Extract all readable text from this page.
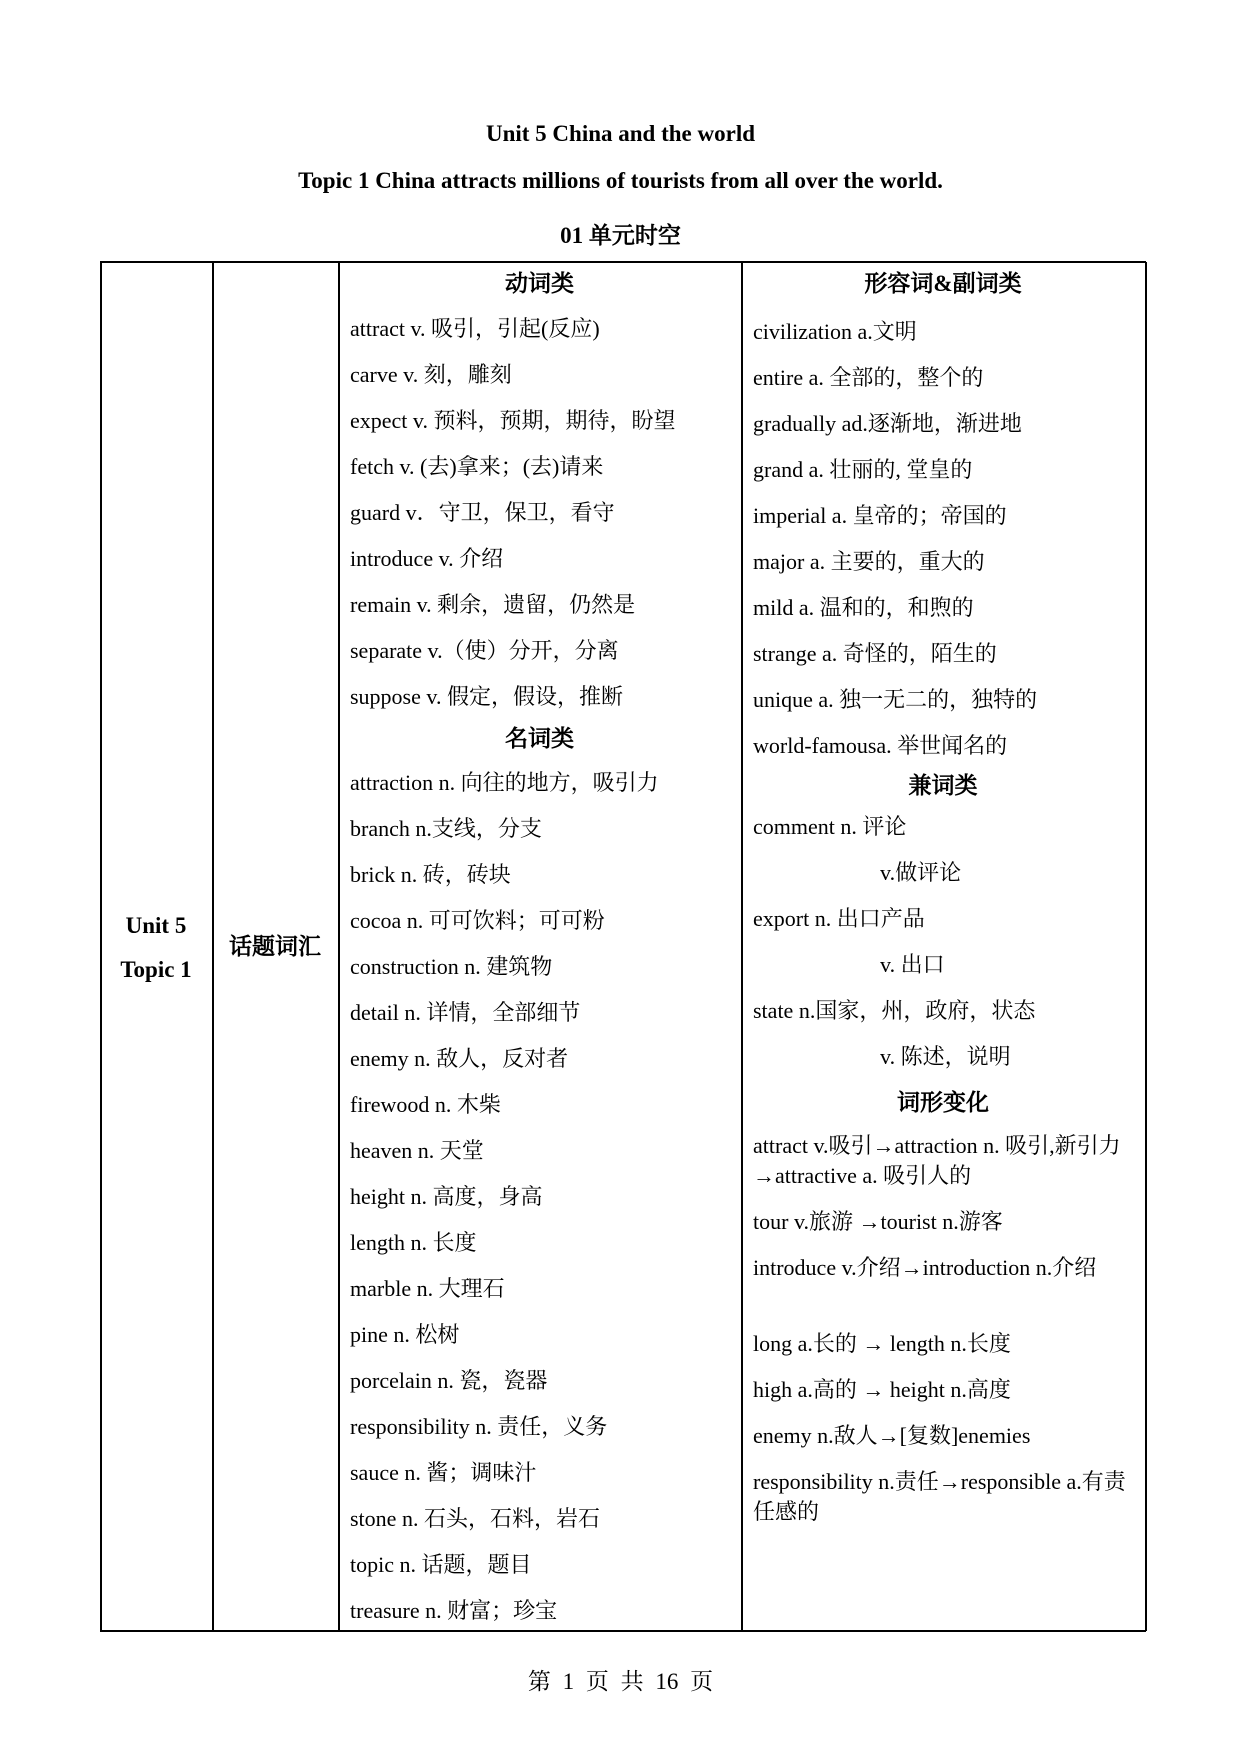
Unit 5 China and the world
Topic 1 China attracts millions of tourists from all over the world.
01 单元时空
Unit 5
Topic 1
话题词汇
动词类
attract v. 吸引，引起(反应)
carve v. 刻，雕刻
expect v. 预料，预期，期待，盼望
fetch v. (去)拿来；(去)请来
guard v．守卫，保卫，看守
introduce v. 介绍
remain v. 剩余，遗留，仍然是
separate v.（使）分开，分离
suppose v. 假定，假设，推断
名词类
attraction n. 向往的地方，吸引力
branch n.支线，分支
brick n. 砖，砖块
cocoa n. 可可饮料；可可粉
construction n. 建筑物
detail n. 详情，全部细节
enemy n. 敌人，反对者
firewood n. 木柴
heaven n. 天堂
height n. 高度，身高
length n. 长度
marble n. 大理石
pine n. 松树
porcelain n. 瓷，瓷器
responsibility n. 责任，义务
sauce n. 酱；调味汁
stone n. 石头，石料，岩石
topic n. 话题，题目
treasure n. 财富；珍宝
形容词&副词类
civilization a.文明
entire a. 全部的，整个的
gradually ad.逐渐地，渐进地
grand a. 壮丽的, 堂皇的
imperial a. 皇帝的；帝国的
major a. 主要的，重大的
mild a. 温和的，和煦的
strange a. 奇怪的，陌生的
unique a. 独一无二的，独特的
world-famousa. 举世闻名的
兼词类
comment n. 评论
v.做评论
export n. 出口产品
v. 出口
state n.国家，州，政府，状态
v. 陈述，说明
词形变化
attract v.吸引→attraction n. 吸引,新引力 →attractive a. 吸引人的
tour v.旅游 →tourist n.游客
introduce v.介绍→introduction n.介绍
long a.长的 → length n.长度
high a.高的 → height n.高度
enemy n.敌人→[复数]enemies
responsibility n.责任→responsible a.有责任感的
第 1 页 共 16 页
